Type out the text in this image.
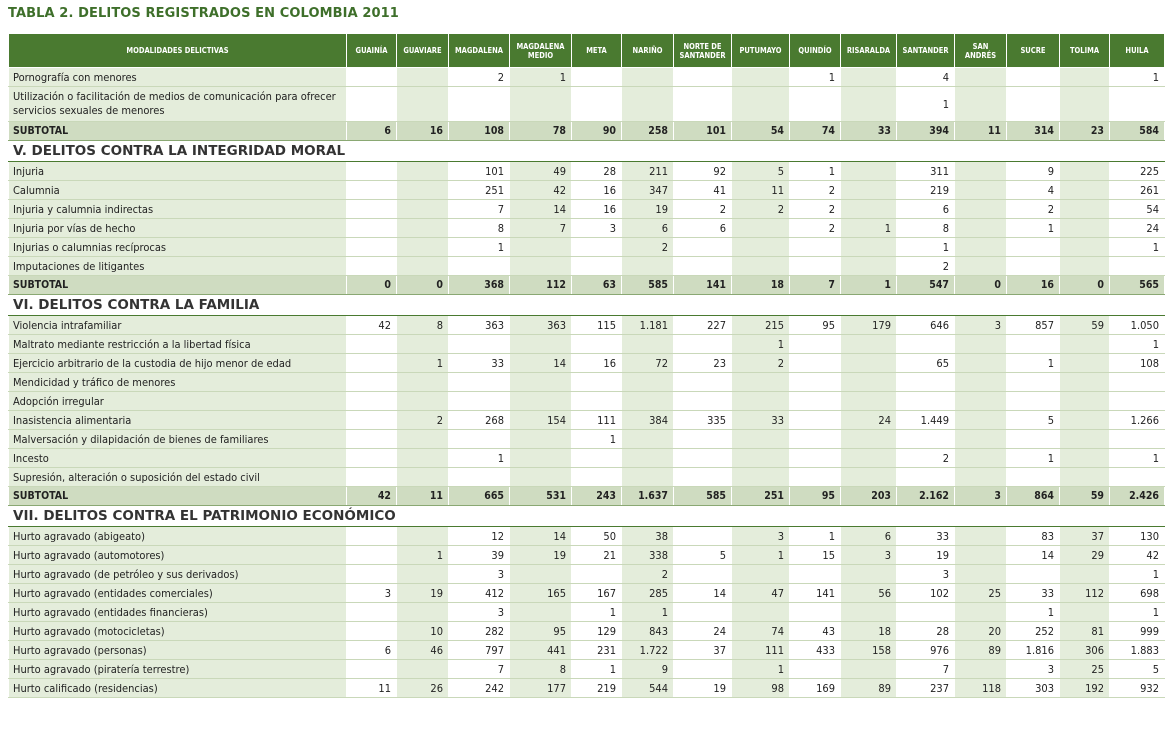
TABLA 2. DELITOS REGISTRADOS EN COLOMBIA 2011
MODALIDADES DELICTIVAS	GUAINÍA	GUAVIARE	MAGDALENA	MAGDALENA MEDIO	META	NARIÑO	NORTE DE SANTANDER	PUTUMAYO	QUINDÍO	RISARALDA	SANTANDER	SAN ANDRÉS	SUCRE	TOLIMA	HUILA
Pornografía con menores			2	1					1		4				1
Utilización o facilitación de medios de comunicación para ofrecer servicios sexuales de menores											1				
SUBTOTAL	6	16	108	78	90	258	101	54	74	33	394	11	314	23	584
V. DELITOS CONTRA LA INTEGRIDAD MORAL															
Injuria			101	49	28	211	92	5	1		311		9		225
Calumnia			251	42	16	347	41	11	2		219		4		261
Injuria y calumnia indirectas			7	14	16	19	2	2	2		6		2		54
Injuria por vías de hecho			8	7	3	6	6		2	1	8		1		24
Injurias o calumnias recíprocas			1			2					1				1
Imputaciones de litigantes											2				
SUBTOTAL	0	0	368	112	63	585	141	18	7	1	547	0	16	0	565
VI. DELITOS CONTRA LA FAMILIA															
Violencia intrafamiliar	42	8	363	363	115	1.181	227	215	95	179	646	3	857	59	1.050
Maltrato mediante restricción a la libertad física								1							1
Ejercicio arbitrario de la custodia de hijo menor de edad		1	33	14	16	72	23	2			65		1		108
Mendicidad y tráfico de menores															
Adopción irregular															
Inasistencia alimentaria		2	268	154	111	384	335	33		24	1.449		5		1.266
Malversación y dilapidación de bienes de familiares					1										
Incesto			1								2		1		1
Supresión, alteración o suposición del estado civil															
SUBTOTAL	42	11	665	531	243	1.637	585	251	95	203	2.162	3	864	59	2.426
VII. DELITOS CONTRA EL PATRIMONIO ECONÓMICO															
Hurto agravado (abigeato)			12	14	50	38		3	1	6	33		83	37	130
Hurto agravado (automotores)		1	39	19	21	338	5	1	15	3	19		14	29	42
Hurto agravado (de petróleo y sus derivados)			3			2					3				1
Hurto agravado (entidades comerciales)	3	19	412	165	167	285	14	47	141	56	102	25	33	112	698
Hurto agravado (entidades financieras)			3		1	1							1		1
Hurto agravado (motocicletas)		10	282	95	129	843	24	74	43	18	28	20	252	81	999
Hurto agravado (personas)	6	46	797	441	231	1.722	37	111	433	158	976	89	1.816	306	1.883
Hurto agravado (piratería terrestre)			7	8	1	9		1			7		3	25	5
Hurto calificado (residencias)	11	26	242	177	219	544	19	98	169	89	237	118	303	192	932
